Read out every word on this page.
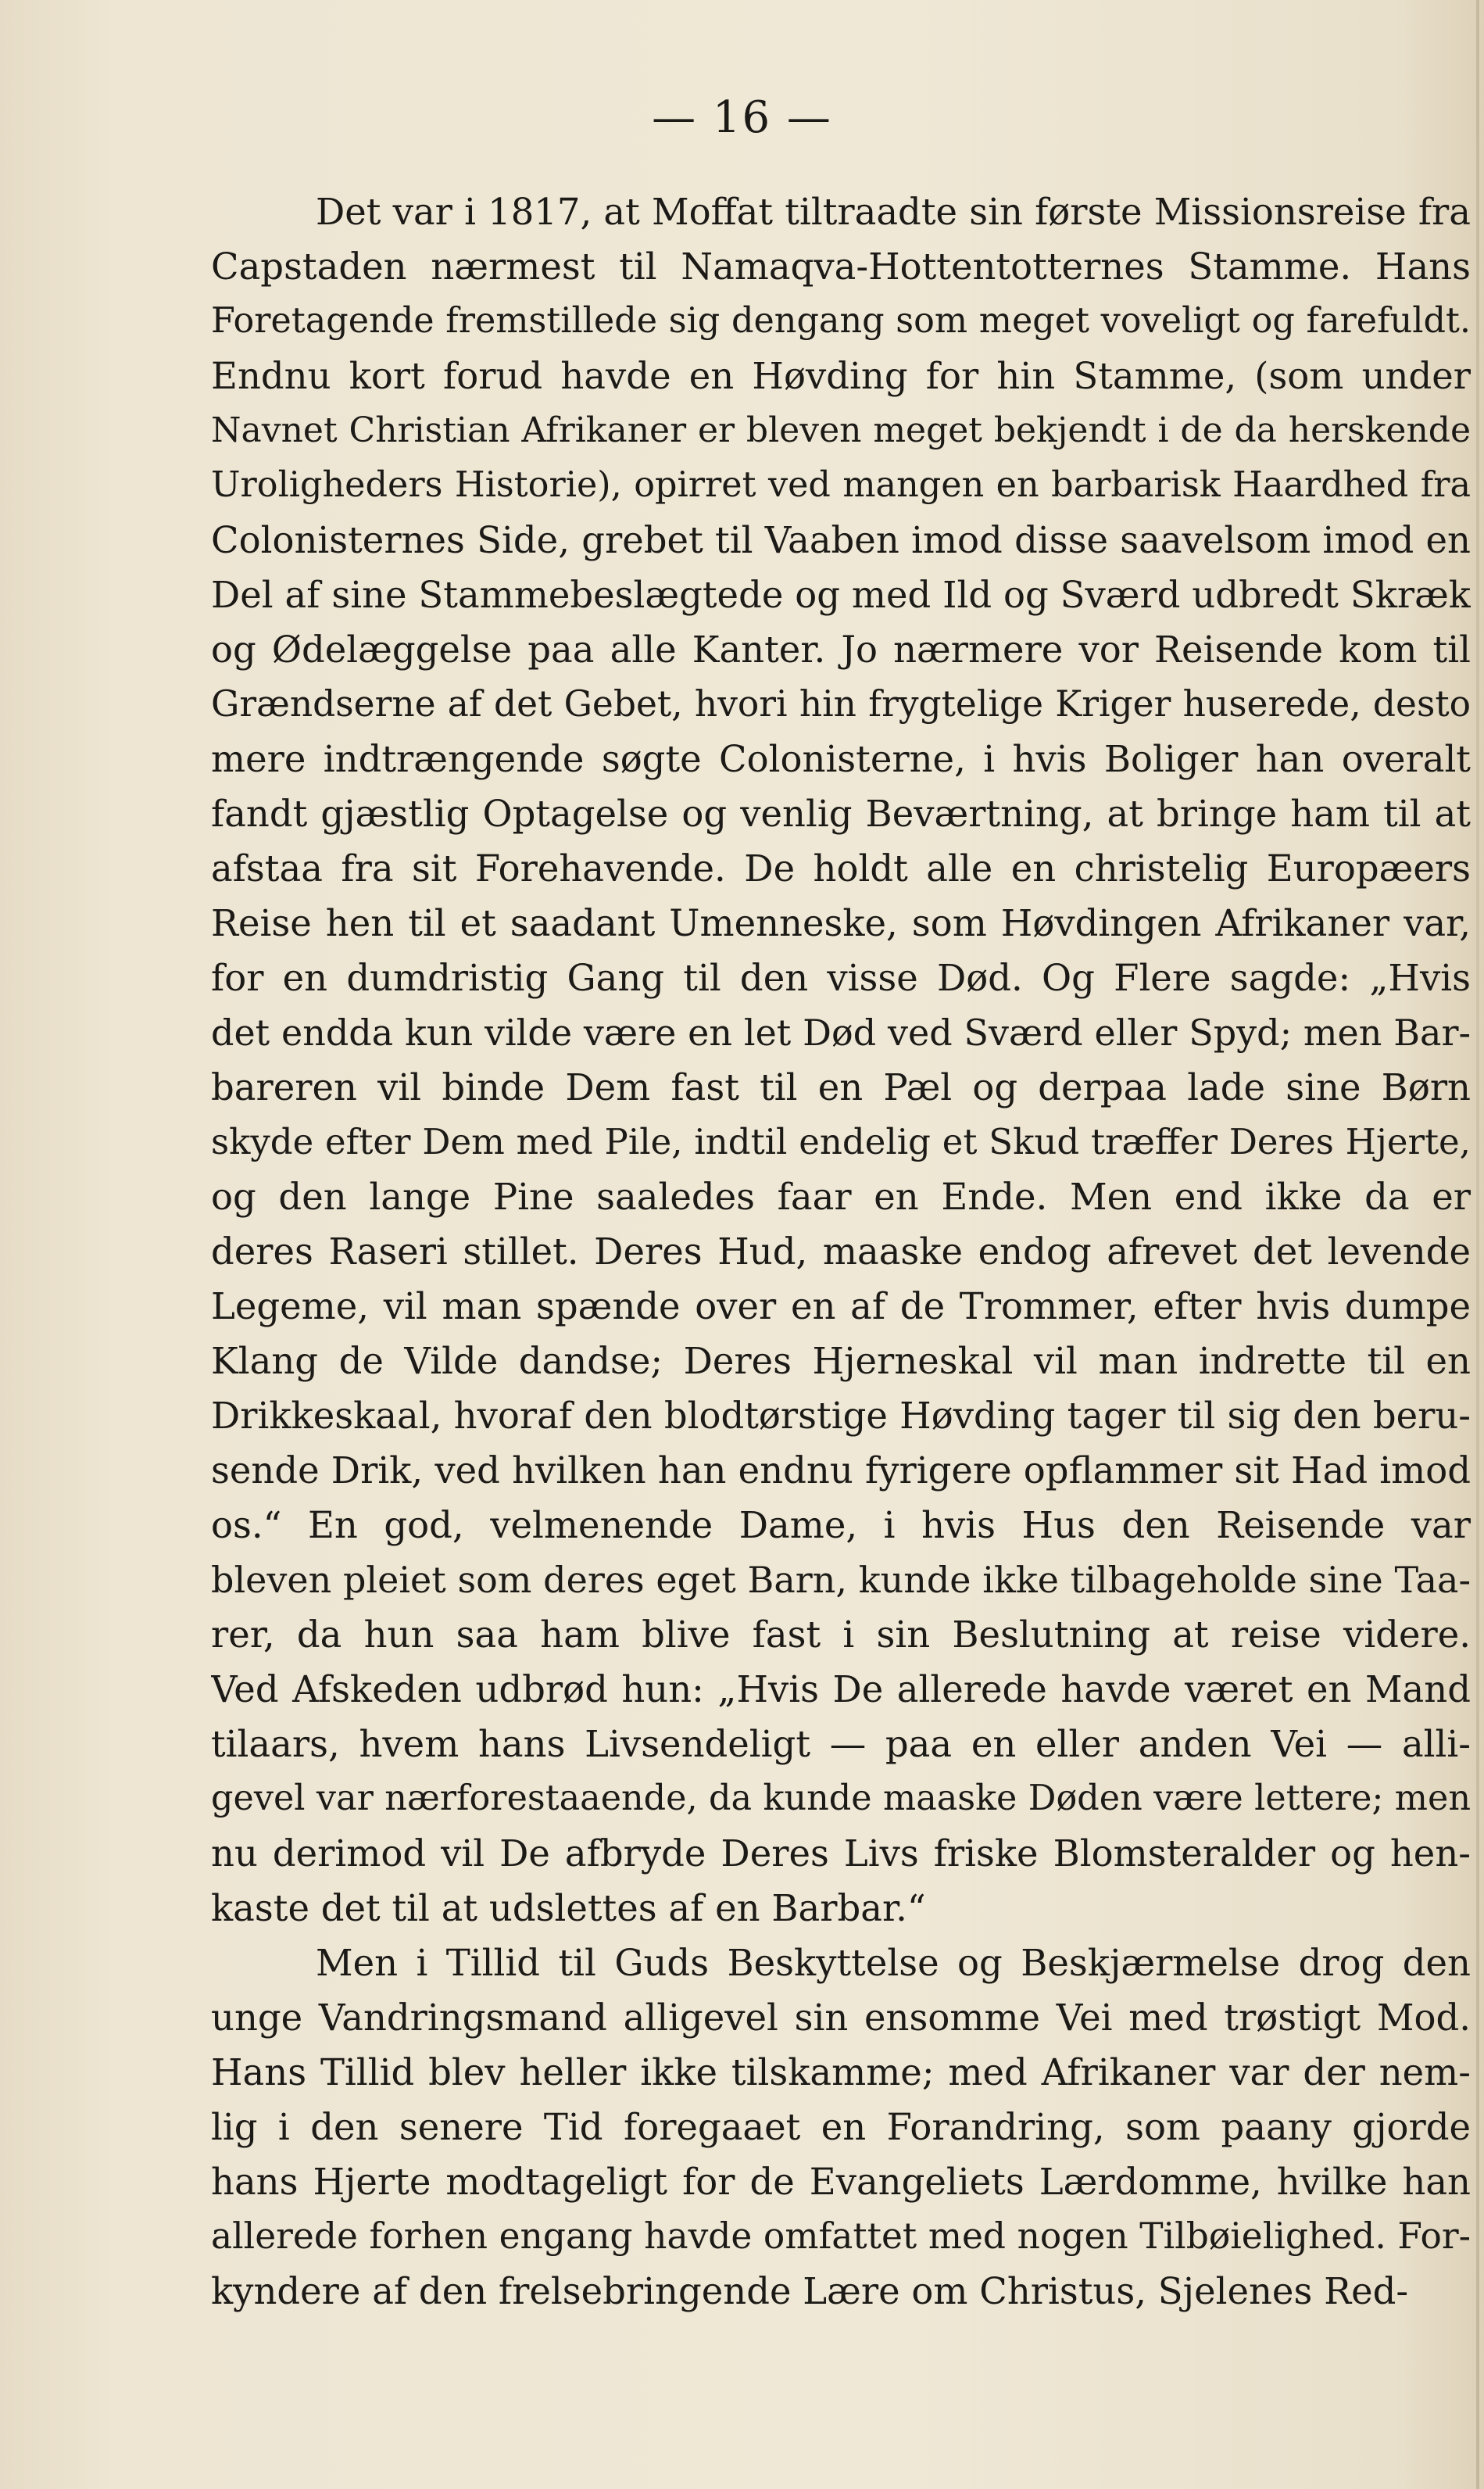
— 16 —
Det var i 1817, at Moffat tiltraadte sin første Missionsreise fra
Capstaden nærmest til Namaqva-Hottentotternes Stamme. Hans
Foretagende fremstillede sig dengang som meget voveligt og farefuldt.
Endnu kort forud havde en Høvding for hin Stamme, (som under
Navnet Christian Afrikaner er bleven meget bekjendt i de da herskende
Uroligheders Historie), opirret ved mangen en barbarisk Haardhed fra
Colonisternes Side, grebet til Vaaben imod disse saavelsom imod en
Del af sine Stammebeslægtede og med Ild og Sværd udbredt Skræk
og Ødelæggelse paa alle Kanter. Jo nærmere vor Reisende kom til
Grændserne af det Gebet, hvori hin frygtelige Kriger huserede, desto
mere indtrængende søgte Colonisterne, i hvis Boliger han overalt
fandt gjæstlig Optagelse og venlig Beværtning, at bringe ham til at
afstaa fra sit Forehavende. De holdt alle en christelig Europæers
Reise hen til et saadant Umenneske, som Høvdingen Afrikaner var,
for en dumdristig Gang til den visse Død. Og Flere sagde: „Hvis
det endda kun vilde være en let Død ved Sværd eller Spyd; men Bar-
bareren vil binde Dem fast til en Pæl og derpaa lade sine Børn
skyde efter Dem med Pile, indtil endelig et Skud træffer Deres Hjerte,
og den lange Pine saaledes faar en Ende. Men end ikke da er
deres Raseri stillet. Deres Hud, maaske endog afrevet det levende
Legeme, vil man spænde over en af de Trommer, efter hvis dumpe
Klang de Vilde dandse; Deres Hjerneskal vil man indrette til en
Drikkeskaal, hvoraf den blodtørstige Høvding tager til sig den beru-
sende Drik, ved hvilken han endnu fyrigere opflammer sit Had imod
os.“ En god, velmenende Dame, i hvis Hus den Reisende var
bleven pleiet som deres eget Barn, kunde ikke tilbageholde sine Taa-
rer, da hun saa ham blive fast i sin Beslutning at reise videre.
Ved Afskeden udbrød hun: „Hvis De allerede havde været en Mand
tilaars, hvem hans Livsendeligt — paa en eller anden Vei — alli-
gevel var nærforestaaende, da kunde maaske Døden være lettere; men
nu derimod vil De afbryde Deres Livs friske Blomsteralder og hen-
kaste det til at udslettes af en Barbar.“
Men i Tillid til Guds Beskyttelse og Beskjærmelse drog den
unge Vandringsmand alligevel sin ensomme Vei med trøstigt Mod.
Hans Tillid blev heller ikke tilskamme; med Afrikaner var der nem-
lig i den senere Tid foregaaet en Forandring, som paany gjorde
hans Hjerte modtageligt for de Evangeliets Lærdomme, hvilke han
allerede forhen engang havde omfattet med nogen Tilbøielighed. For-
kyndere af den frelsebringende Lære om Christus, Sjelenes Red-
